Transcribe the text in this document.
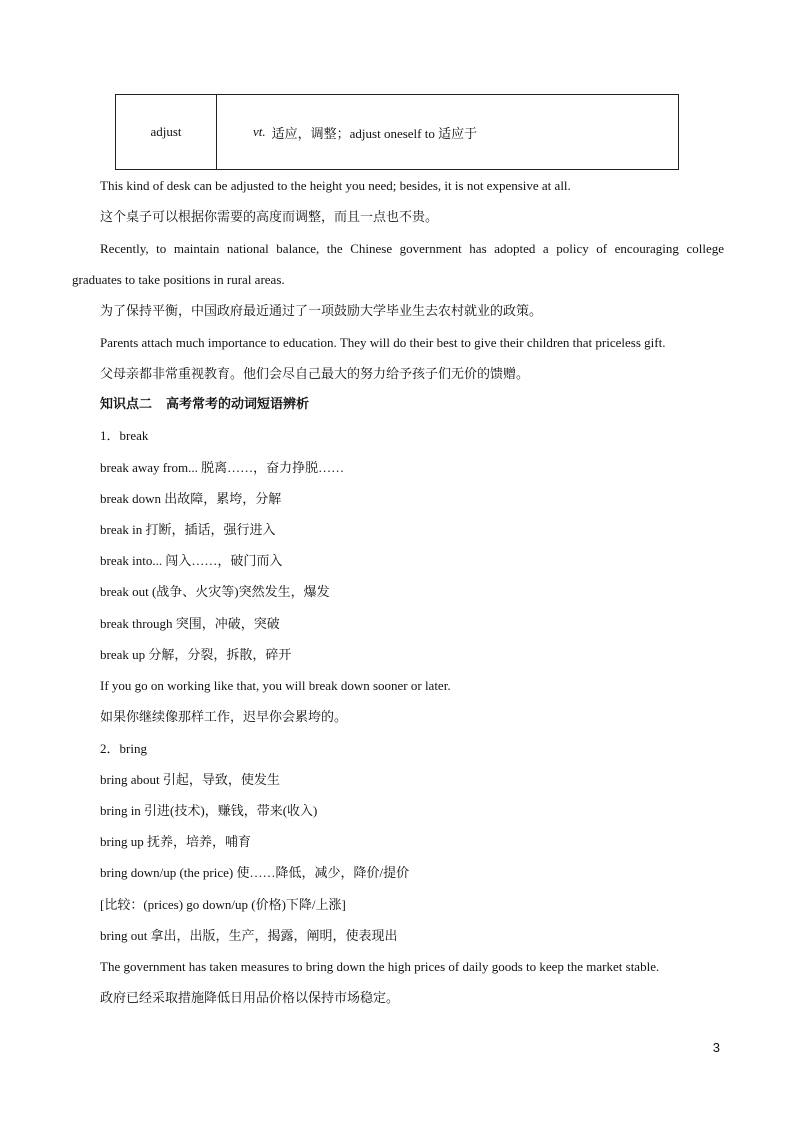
adjust	vt. 适应，调整；adjust oneself to 适应于
This kind of desk can be adjusted to the height you need; besides, it is not expensive at all.
这个桌子可以根据你需要的高度而调整，而且一点也不贵。
Recently, to maintain national balance, the Chinese government has adopted a policy of encouraging college
graduates to take positions in rural areas.
为了保持平衡，中国政府最近通过了一项鼓励大学毕业生去农村就业的政策。
Parents attach much importance to education. They will do their best to give their children that priceless gift.
父母亲都非常重视教育。他们会尽自己最大的努力给予孩子们无价的馈赠。
知识点二 高考常考的动词短语辨析
1．break
break away from... 脱离……，奋力挣脱……
break down 出故障，累垮，分解
break in 打断，插话，强行进入
break into... 闯入……，破门而入
break out (战争、火灾等)突然发生，爆发
break through 突围，冲破，突破
break up 分解，分裂，拆散，碎开
If you go on working like that, you will break down sooner or later.
如果你继续像那样工作，迟早你会累垮的。
2．bring
bring about 引起，导致，使发生
bring in 引进(技术)，赚钱，带来(收入)
bring up 抚养，培养，哺育
bring down/up (the price) 使……降低，减少，降价/提价
[比较：(prices) go down/up (价格)下降/上涨]
bring out 拿出，出版，生产，揭露，阐明，使表现出
The government has taken measures to bring down the high prices of daily goods to keep the market stable.
政府已经采取措施降低日用品价格以保持市场稳定。
3
